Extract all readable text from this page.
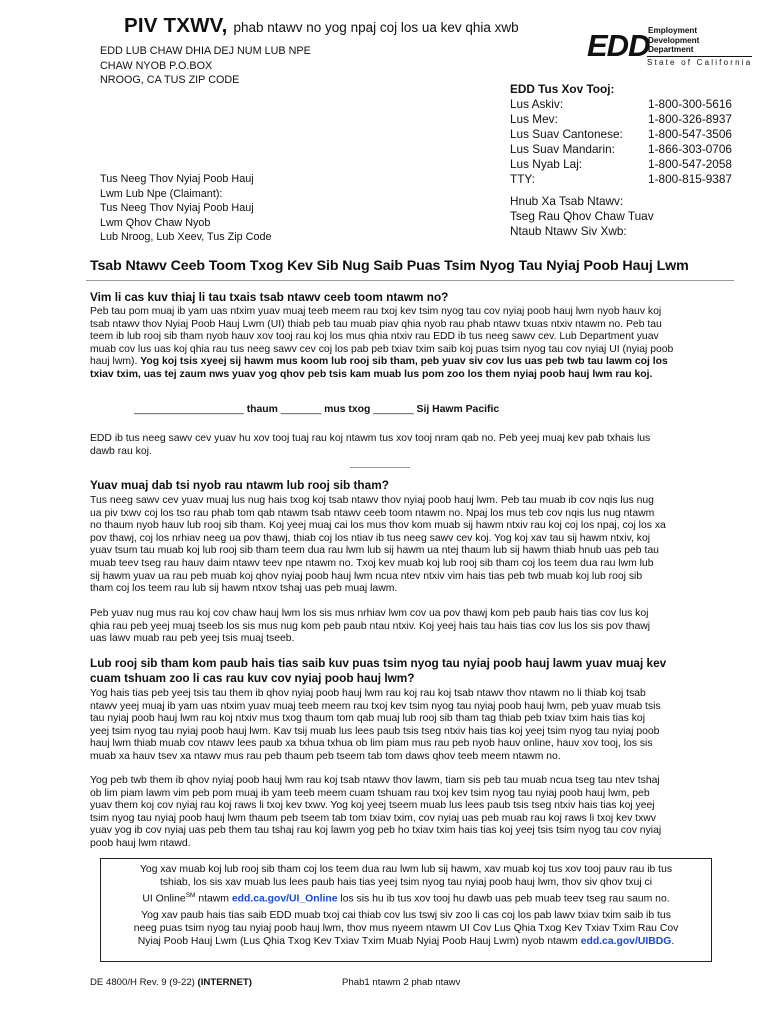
PIV TXWV, phab ntawv no yog npaj coj los ua kev qhia xwb
EDD
Employment
Development
Department
State of California
EDD LUB CHAW DHIA DEJ NUM LUB NPE
CHAW NYOB P.O.BOX
NROOG, CA TUS ZIP CODE
EDD Tus Xov Tooj:
Lus Askiv:	1-800-300-5616
Lus Mev:	1-800-326-8937
Lus Suav Cantonese: 1-800-547-3506
Lus Suav Mandarin:	1-866-303-0706
Lus Nyab Laj:	1-800-547-2058
TTY:	1-800-815-9387
Tus Neeg Thov Nyiaj Poob Hauj
Lwm Lub Npe (Claimant):
Tus Neeg Thov Nyiaj Poob Hauj
Lwm Qhov Chaw Nyob
Lub Nroog, Lub Xeev, Tus Zip Code
Hnub Xa Tsab Ntawv:
Tseg Rau Qhov Chaw Tuav
Ntaub Ntawv Siv Xwb:
Tsab Ntawv Ceeb Toom Txog Kev Sib Nug Saib Puas Tsim Nyog Tau Nyiaj Poob Hauj Lwm
Vim li cas kuv thiaj li tau txais tsab ntawv ceeb toom ntawm no?
Peb tau pom muaj ib yam uas ntxim yuav muaj teeb meem rau txoj kev tsim nyog tau cov nyiaj poob hauj lwm nyob hauv koj
tsab ntawv thov Nyiaj Poob Hauj Lwm (UI) thiab peb tau muab piav qhia nyob rau phab ntawv txuas ntxiv ntawm no. Peb tau
teem ib lub rooj sib tham nyob hauv xov tooj rau koj los mus qhia ntxiv rau EDD ib tus neeg sawv cev. Lub Department yuav
muab cov lus uas koj qhia rau tus neeg sawv cev coj los pab peb txiav txim saib koj puas tsim nyog tau cov nyiaj UI (nyiaj poob
hauj lwm). Yog koj tsis xyeej sij hawm mus koom lub rooj sib tham, peb yuav siv cov lus uas peb twb tau lawm coj los
txiav txim, uas tej zaum nws yuav yog qhov peb tsis kam muab lus pom zoo los them nyiaj poob hauj lwm rau koj.
___________________ thaum _______ mus txog _______ Sij Hawm Pacific
EDD ib tus neeg sawv cev yuav hu xov tooj tuaj rau koj ntawm tus xov tooj nram qab no. Peb yeej muaj kev pab txhais lus
dawb rau koj.
Yuav muaj dab tsi nyob rau ntawm lub rooj sib tham?
Tus neeg sawv cev yuav muaj lus nug hais txog koj tsab ntawv thov nyiaj poob hauj lwm. Peb tau muab ib cov nqis lus nug
ua piv txwv coj los tso rau phab tom qab ntawm tsab ntawv ceeb toom ntawm no. Npaj los mus teb cov nqis lus nug ntawm
no thaum nyob hauv lub rooj sib tham. Koj yeej muaj cai los mus thov kom muab sij hawm ntxiv rau koj coj los npaj, coj los xa
pov thawj, coj los nrhiav neeg ua pov thawj, thiab coj los ntiav ib tus neeg sawv cev koj. Yog koj xav tau sij hawm ntxiv, koj
yuav tsum tau muab koj lub rooj sib tham teem dua rau lwm lub sij hawm ua ntej thaum lub sij hawm thiab hnub uas peb tau
muab teev tseg rau hauv daim ntawv teev npe ntawm no. Txoj kev muab koj lub rooj sib tham coj los teem dua rau lwm lub
sij hawm yuav ua rau peb muab koj qhov nyiaj poob hauj lwm ncua ntev ntxiv vim hais tias peb twb muab koj lub rooj sib
tham coj los teem rau lub sij hawm ntxov tshaj uas peb muaj lawm.
Peb yuav nug mus rau koj cov chaw hauj lwm los sis mus nrhiav lwm cov ua pov thawj kom peb paub hais tias cov lus koj
qhia rau peb yeej muaj tseeb los sis mus nug kom peb paub ntau ntxiv. Koj yeej hais tau hais tias cov lus los sis pov thawj
uas lawv muab rau peb yeej tsis muaj tseeb.
Lub rooj sib tham kom paub hais tias saib kuv puas tsim nyog tau nyiaj poob hauj lawm yuav muaj kev
cuam tshuam zoo li cas rau kuv cov nyiaj poob hauj lwm?
Yog hais tias peb yeej tsis tau them ib qhov nyiaj poob hauj lwm rau koj rau koj tsab ntawv thov ntawm no li thiab koj tsab
ntawv yeej muaj ib yam uas ntxim yuav muaj teeb meem rau txoj kev tsim nyog tau nyiaj poob hauj lwm, peb yuav muab tsis
tau nyiaj poob hauj lwm rau koj ntxiv mus txog thaum tom qab muaj lub rooj sib tham tag thiab peb txiav txim hais tias koj
yeej tsim nyog tau nyiaj poob hauj lwm. Kav tsij muab lus lees paub tsis tseg ntxiv hais tias koj yeej tsim nyog tau nyiaj poob
hauj lwm thiab muab cov ntawv lees paub xa txhua txhua ob lim piam mus rau peb nyob hauv online, hauv xov tooj, los sis
muab xa hauv tsev xa ntawv mus rau peb thaum peb tseem tab tom daws qhov teeb meem ntawm no.
Yog peb twb them ib qhov nyiaj poob hauj lwm rau koj tsab ntawv thov lawm, tiam sis peb tau muab ncua tseg tau ntev tshaj
ob lim piam lawm vim peb pom muaj ib yam teeb meem cuam tshuam rau txoj kev tsim nyog tau nyiaj poob hauj lwm, peb
yuav them koj cov nyiaj rau koj raws li txoj kev txwv. Yog koj yeej tseem muab lus lees paub tsis tseg ntxiv hais tias koj yeej
tsim nyog tau nyiaj poob hauj lwm thaum peb tseem tab tom txiav txim, cov nyiaj uas peb muab rau koj raws li txoj kev txwv
yuav yog ib cov nyiaj uas peb them tau tshaj rau koj lawm yog peb ho txiav txim hais tias koj yeej tsis tsim nyog tau cov nyiaj
poob hauj lwm ntawd.

Yog xav muab koj lub rooj sib tham coj los teem dua rau lwm lub sij hawm, xav muab koj tus xov tooj pauv rau ib tus
tshiab, los sis xav muab lus lees paub hais tias yeej tsim nyog tau nyiaj poob hauj lwm, thov siv qhov txuj ci
UI Online℠ ntawm edd.ca.gov/UI_Online los sis hu ib tus xov tooj hu dawb uas peb muab teev tseg rau saum no.

Yog xav paub hais tias saib EDD muab txoj cai thiab cov lus tswj siv zoo li cas coj los pab lawv txiav txim saib ib tus
neeg puas tsim nyog tau nyiaj poob hauj lwm, thov mus nyeem ntawm UI Cov Lus Qhia Txog Kev Txiav Txim Rau Cov
Nyiaj Poob Hauj Lwm (Lus Qhia Txog Kev Txiav Txim Muab Nyiaj Poob Hauj Lwm) nyob ntawm edd.ca.gov/UIBDG.

DE 4800/H Rev. 9 (9-22) (INTERNET)	Phab1 ntawm 2 phab ntawv
